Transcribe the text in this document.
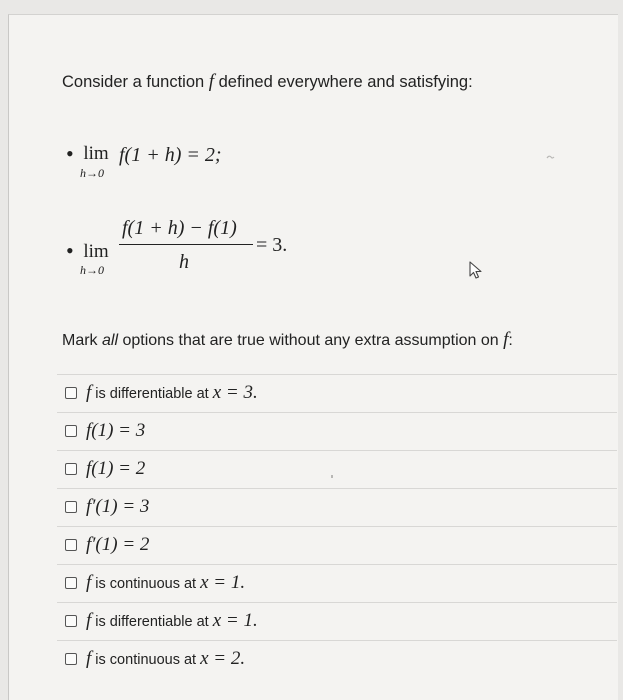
Consider a function f defined everywhere and satisfying:
• lim
h→0
f(1 + h) = 2;
• lim
h→0
f(1 + h) − f(1)
h
= 3.
Mark all options that are true without any extra assumption on f:
f is differentiable at x = 3.
f(1) = 3
f(1) = 2
f′(1) = 3
f′(1) = 2
f is continuous at x = 1.
f is differentiable at x = 1.
f is continuous at x = 2.
